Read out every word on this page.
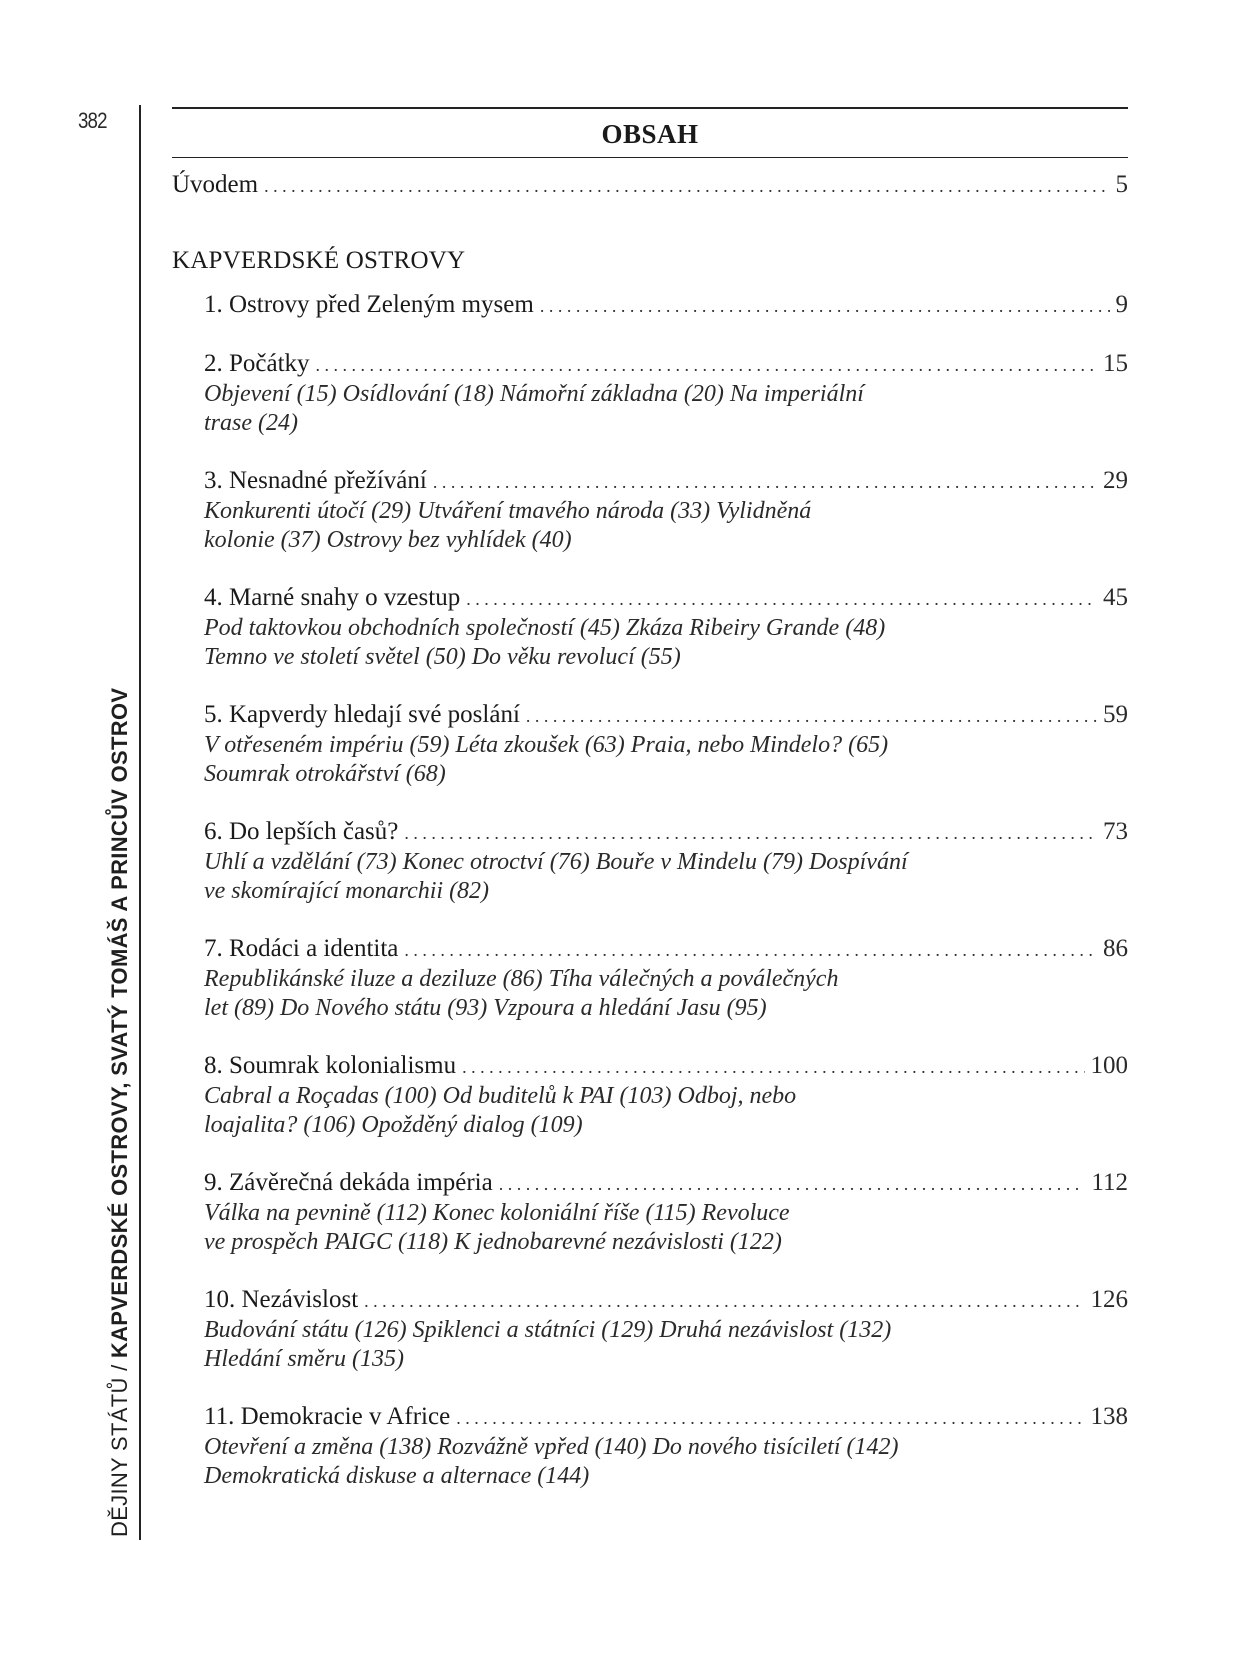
382
DĚJINY STÁTŮ / KAPVERDSKÉ OSTROVY, SVATÝ TOMÁŠ A PRINCŮV OSTROV
OBSAH
Úvodem . . .	5
KAPVERDSKÉ OSTROVY
1. Ostrovy před Zeleným mysem . . .	9
2. Počátky . . .	15
Objevení (15) Osídlování (18) Námořní základna (20) Na imperiální
trase (24)
3. Nesnadné přežívání . . .	29
Konkurenti útočí (29) Utváření tmavého národa (33) Vylidněná
kolonie (37) Ostrovy bez vyhlídek (40)
4. Marné snahy o vzestup . . .	45
Pod taktovkou obchodních společností (45) Zkáza Ribeiry Grande (48)
Temno ve století světel (50) Do věku revolucí (55)
5. Kapverdy hledají své poslání . . .	59
V otřeseném impériu (59) Léta zkoušek (63) Praia, nebo Mindelo? (65)
Soumrak otrokářství (68)
6. Do lepších časů? . . .	73
Uhlí a vzdělání (73) Konec otroctví (76) Bouře v Mindelu (79) Dospívání
ve skomírající monarchii (82)
7. Rodáci a identita . . .	86
Republikánské iluze a deziluze (86) Tíha válečných a poválečných
let (89) Do Nového státu (93) Vzpoura a hledání Jasu (95)
8. Soumrak kolonialismu . . .	100
Cabral a Roçadas (100) Od buditelů k PAI (103) Odboj, nebo
loajalita? (106) Opožděný dialog (109)
9. Závěrečná dekáda impéria . . .	112
Válka na pevnině (112) Konec koloniální říše (115) Revoluce
ve prospěch PAIGC (118) K jednobarevné nezávislosti (122)
10. Nezávislost . . .	126
Budování státu (126) Spiklenci a státníci (129) Druhá nezávislost (132)
Hledání směru (135)
11. Demokracie v Africe . . .	138
Otevření a změna (138) Rozvážně vpřed (140) Do nového tisíciletí (142)
Demokratická diskuse a alternace (144)
